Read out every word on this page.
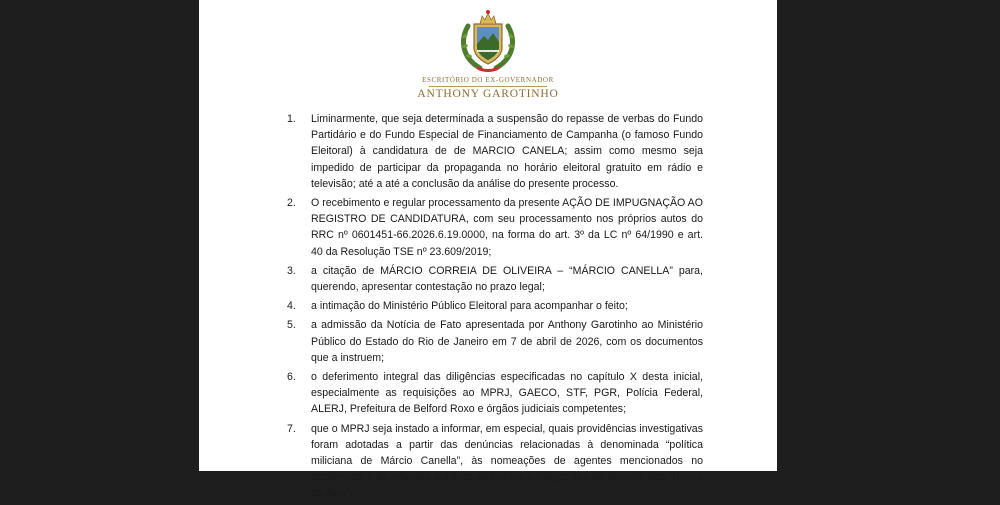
ESCRITÓRIO DO EX-GOVERNADOR
ANTHONY GAROTINHO
1. Liminarmente, que seja determinada a suspensão do repasse de verbas do Fundo Partidário e do Fundo Especial de Financiamento de Campanha (o famoso Fundo Eleitoral) à candidatura de de MARCIO CANELA; assim como mesmo seja impedido de participar da propaganda no horário eleitoral gratuito em rádio e televisão; até a até a conclusão da análise do presente processo.
2. O recebimento e regular processamento da presente AÇÃO DE IMPUGNAÇÃO AO REGISTRO DE CANDIDATURA, com seu processamento nos próprios autos do RRC nº 0601451-66.2026.6.19.0000, na forma do art. 3º da LC nº 64/1990 e art. 40 da Resolução TSE nº 23.609/2019;
3. a citação de MÁRCIO CORREIA DE OLIVEIRA – “MÁRCIO CANELLA” para, querendo, apresentar contestação no prazo legal;
4. a intimação do Ministério Público Eleitoral para acompanhar o feito;
5. a admissão da Notícia de Fato apresentada por Anthony Garotinho ao Ministério Público do Estado do Rio de Janeiro em 7 de abril de 2026, com os documentos que a instruem;
6. o deferimento integral das diligências especificadas no capítulo X desta inicial, especialmente as requisições ao MPRJ, GAECO, STF, PGR, Polícia Federal, ALERJ, Prefeitura de Belford Roxo e órgãos judiciais competentes;
7. que o MPRJ seja instado a informar, em especial, quais providências investigativas foram adotadas a partir das denúncias relacionadas à denominada “política miliciana de Márcio Canella”, às nomeações de agentes mencionados no documento e às relações políticas atribuídas a integrantes do denominado “Bonde do Jura”;
